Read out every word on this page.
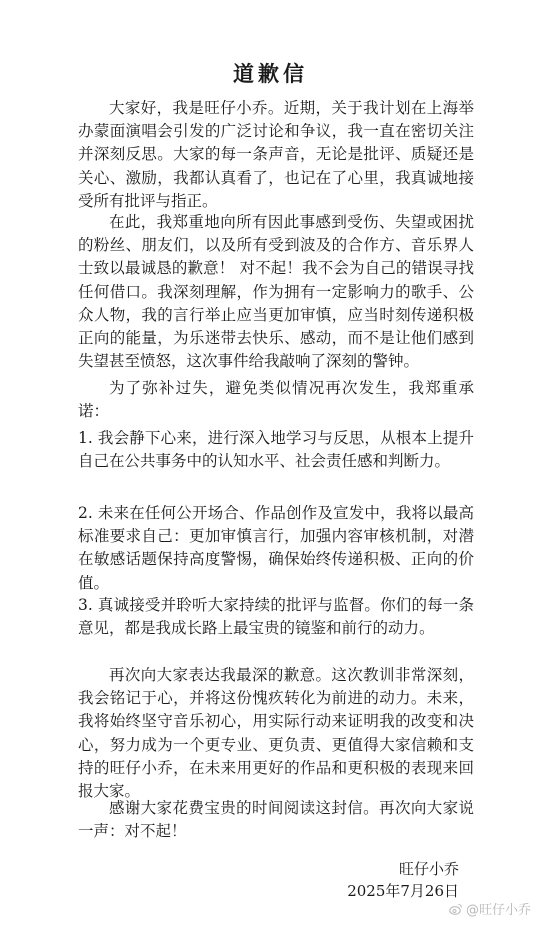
道歉信

大家好，我是旺仔小乔。近期，关于我计划在上海举办蒙面演唱会引发的广泛讨论和争议，我一直在密切关注并深刻反思。大家的每一条声音，无论是批评、质疑还是关心、激励，我都认真看了，也记在了心里，我真诚地接受所有批评与指正。

在此，我郑重地向所有因此事感到受伤、失望或困扰的粉丝、朋友们，以及所有受到波及的合作方、音乐界人士致以最诚恳的歉意！ 对不起！我不会为自己的错误寻找任何借口。我深刻理解，作为拥有一定影响力的歌手、公众人物，我的言行举止应当更加审慎，应当时刻传递积极正向的能量，为乐迷带去快乐、感动，而不是让他们感到失望甚至愤怒，这次事件给我敲响了深刻的警钟。

为了弥补过失，避免类似情况再次发生，我郑重承诺：

1. 我会静下心来，进行深入地学习与反思，从根本上提升自己在公共事务中的认知水平、社会责任感和判断力。

2. 未来在任何公开场合、作品创作及宣发中，我将以最高标准要求自己：更加审慎言行，加强内容审核机制，对潜在敏感话题保持高度警惕，确保始终传递积极、正向的价值。

3. 真诚接受并聆听大家持续的批评与监督。你们的每一条意见，都是我成长路上最宝贵的镜鉴和前行的动力。

再次向大家表达我最深的歉意。这次教训非常深刻，我会铭记于心，并将这份愧疚转化为前进的动力。未来，我将始终坚守音乐初心，用实际行动来证明我的改变和决心，努力成为一个更专业、更负责、更值得大家信赖和支持的旺仔小乔，在未来用更好的作品和更积极的表现来回报大家。

感谢大家花费宝贵的时间阅读这封信。再次向大家说一声：对不起！

旺仔小乔
2025年7月26日
@旺仔小乔
